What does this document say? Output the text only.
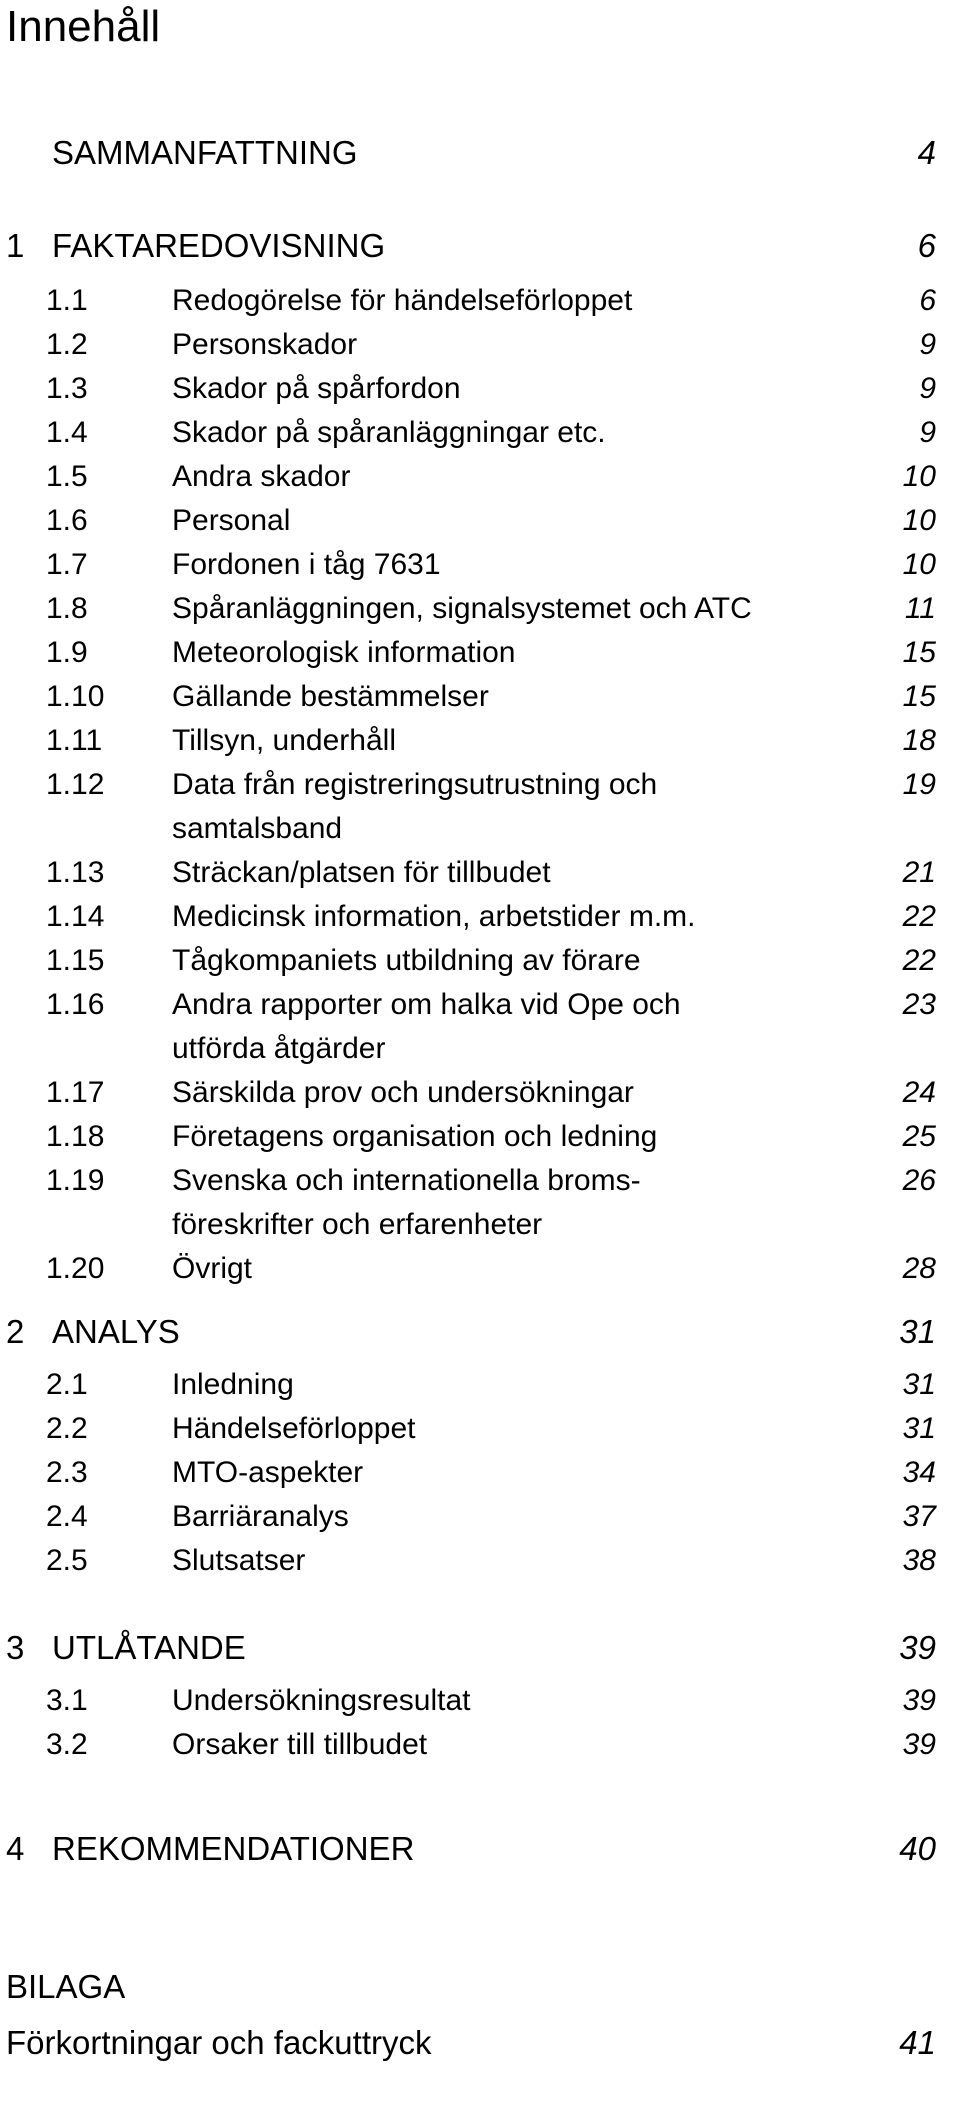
Innehåll
SAMMANFATTNING	4
1 FAKTAREDOVISNING	6
1.1	Redogörelse för händelseförloppet	6
1.2	Personskador	9
1.3	Skador på spårfordon	9
1.4	Skador på spåranläggningar etc.	9
1.5	Andra skador	10
1.6	Personal	10
1.7	Fordonen i tåg 7631	10
1.8	Spåranläggningen, signalsystemet och ATC	11
1.9	Meteorologisk information	15
1.10 Gällande bestämmelser	15
1.11 Tillsyn, underhåll	18
1.12 Data från registreringsutrustning och	19
samtalsband
1.13 Sträckan/platsen för tillbudet	21
1.14 Medicinsk information, arbetstider m.m.	22
1.15 Tågkompaniets utbildning av förare	22
1.16 Andra rapporter om halka vid Ope och	23
utförda åtgärder
1.17 Särskilda prov och undersökningar	24
1.18 Företagens organisation och ledning	25
1.19 Svenska och internationella broms-	26
föreskrifter och erfarenheter
1.20 Övrigt	28
2 ANALYS	31
2.1	Inledning	31
2.2	Händelseförloppet	31
2.3	MTO-aspekter	34
2.4	Barriäranalys	37
2.5	Slutsatser	38
3 UTLÅTANDE	39
3.1	Undersökningsresultat	39
3.2	Orsaker till tillbudet	39
4 REKOMMENDATIONER	40
BILAGA
Förkortningar och fackuttryck	41
